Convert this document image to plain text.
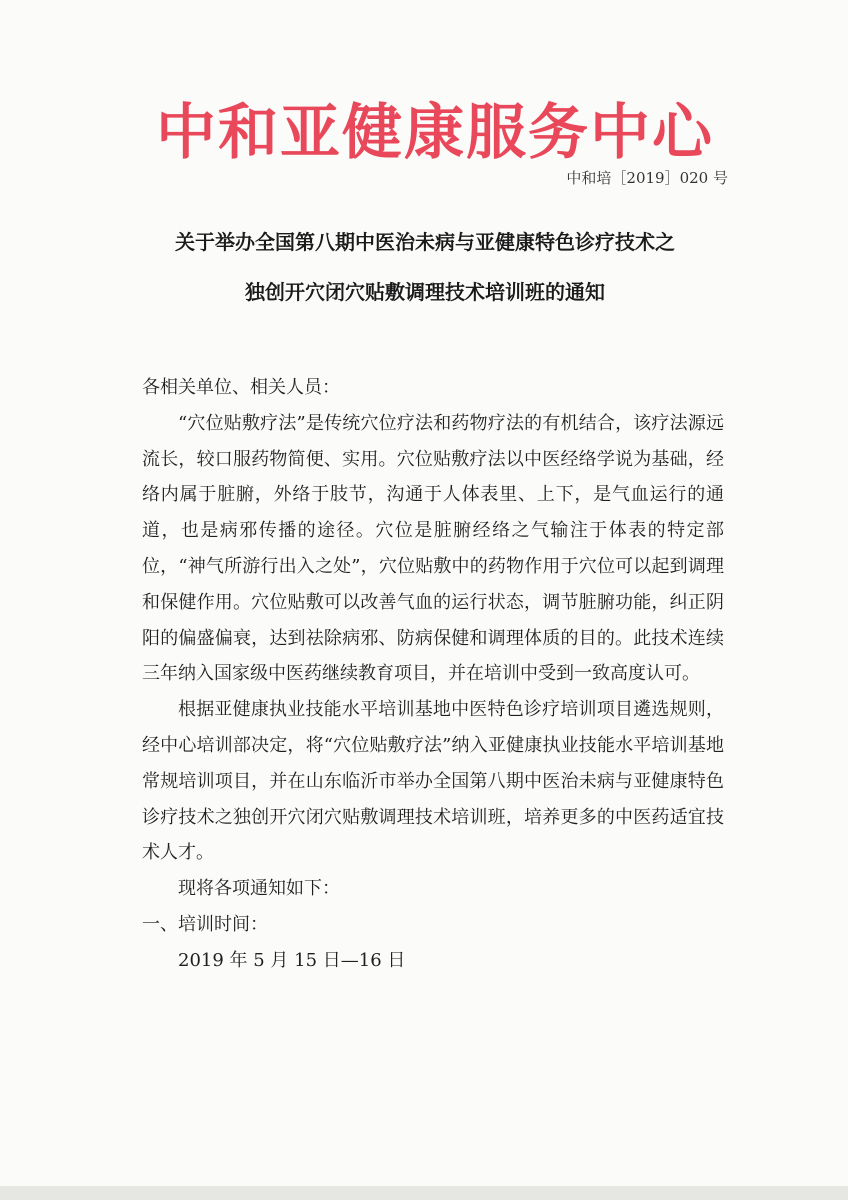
中和亚健康服务中心
中和培［2019］020 号
关于举办全国第八期中医治未病与亚健康特色诊疗技术之
独创开穴闭穴贴敷调理技术培训班的通知

各相关单位、相关人员：

“穴位贴敷疗法”是传统穴位疗法和药物疗法的有机结合，该疗法源远流长，较口服药物简便、实用。穴位贴敷疗法以中医经络学说为基础，经络内属于脏腑，外络于肢节，沟通于人体表里、上下，是气血运行的通道，也是病邪传播的途径。穴位是脏腑经络之气输注于体表的特定部位，“神气所游行出入之处”，穴位贴敷中的药物作用于穴位可以起到调理和保健作用。穴位贴敷可以改善气血的运行状态，调节脏腑功能，纠正阴阳的偏盛偏衰，达到祛除病邪、防病保健和调理体质的目的。此技术连续三年纳入国家级中医药继续教育项目，并在培训中受到一致高度认可。

根据亚健康执业技能水平培训基地中医特色诊疗培训项目遴选规则，经中心培训部决定，将“穴位贴敷疗法”纳入亚健康执业技能水平培训基地常规培训项目，并在山东临沂市举办全国第八期中医治未病与亚健康特色诊疗技术之独创开穴闭穴贴敷调理技术培训班，培养更多的中医药适宜技术人才。

现将各项通知如下：

一、培训时间：

2019 年 5 月 15 日—16 日
